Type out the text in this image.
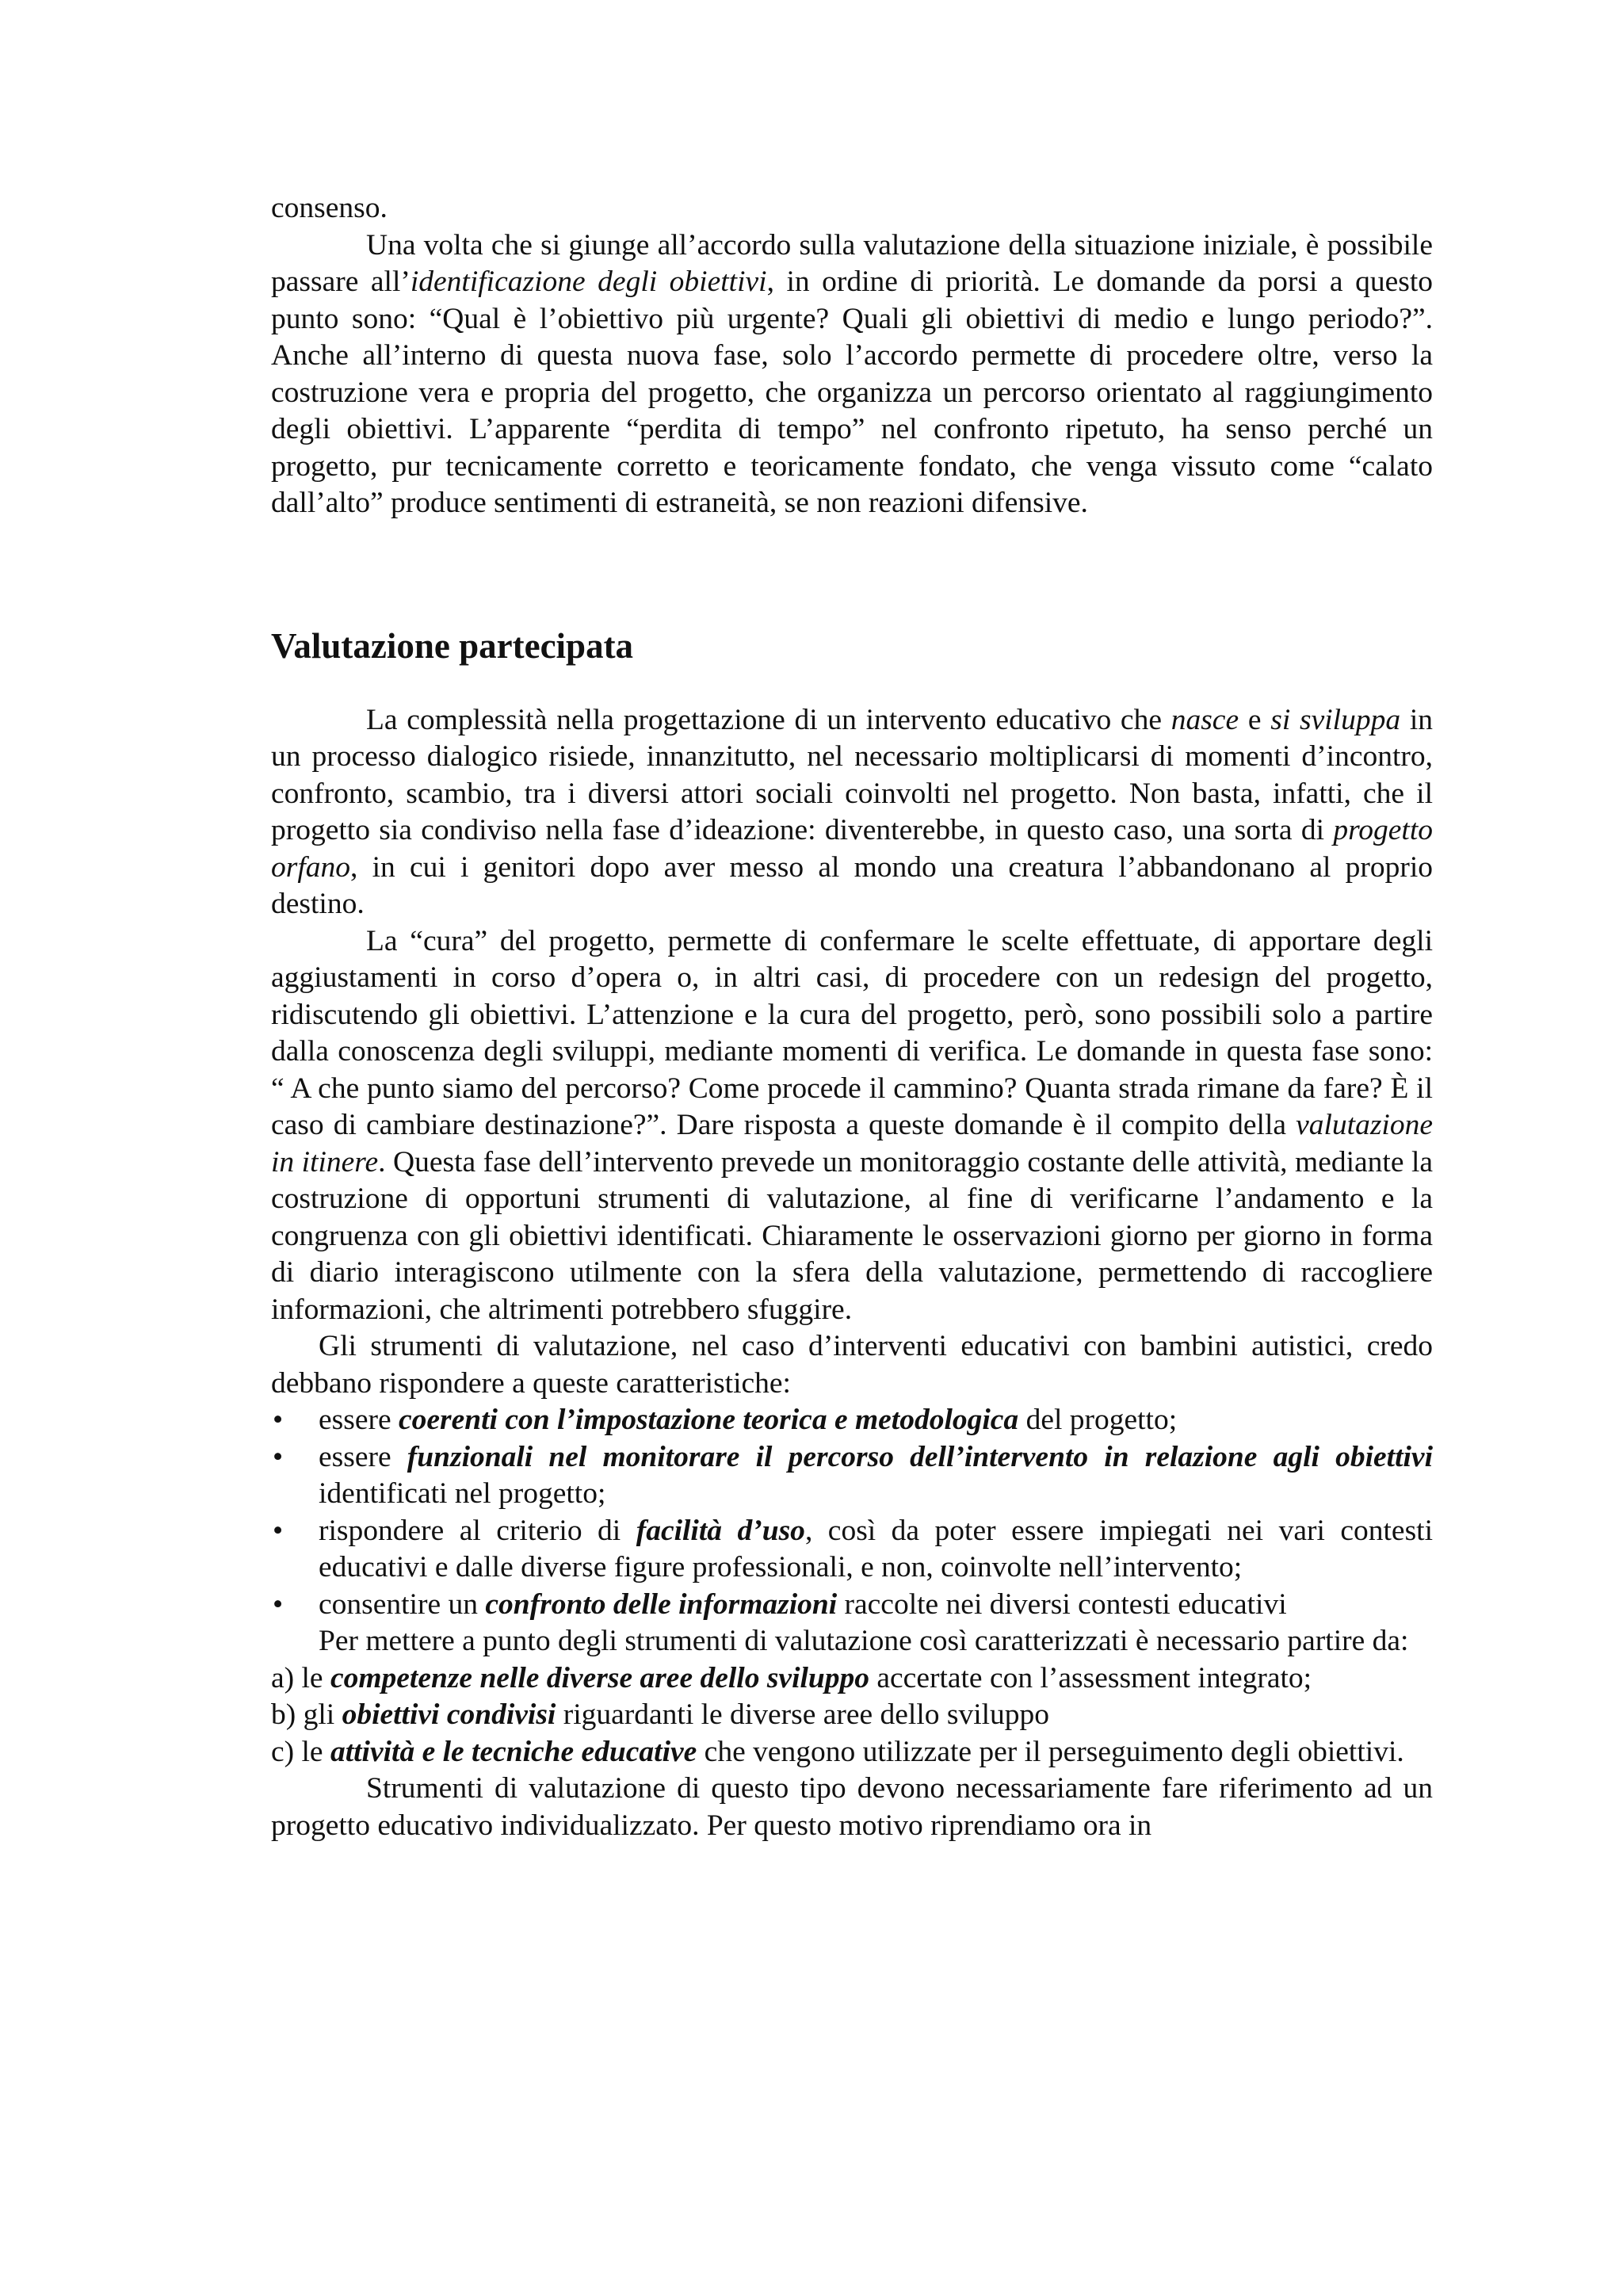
consenso.

Una volta che si giunge all’accordo sulla valutazione della situazione iniziale, è possibile passare all’identificazione degli obiettivi, in ordine di priorità. Le domande da porsi a questo punto sono: “Qual è l’obiettivo più urgente? Quali gli obiettivi di medio e lungo periodo?”. Anche all’interno di questa nuova fase, solo l’accordo permette di procedere oltre, verso la costruzione vera e propria del progetto, che organizza un percorso orientato al raggiungimento degli obiettivi. L’apparente “perdita di tempo” nel confronto ripetuto, ha senso perché un progetto, pur tecnicamente corretto e teoricamente fondato, che venga vissuto come “calato dall’alto” produce sentimenti di estraneità, se non reazioni difensive.

Valutazione partecipata

La complessità nella progettazione di un intervento educativo che nasce e si sviluppa in un processo dialogico risiede, innanzitutto, nel necessario moltiplicarsi di momenti d’incontro, confronto, scambio, tra i diversi attori sociali coinvolti nel progetto. Non basta, infatti, che il progetto sia condiviso nella fase d’ideazione: diventerebbe, in questo caso, una sorta di progetto orfano, in cui i genitori dopo aver messo al mondo una creatura l’abbandonano al proprio destino.

La “cura” del progetto, permette di confermare le scelte effettuate, di apportare degli aggiustamenti in corso d’opera o, in altri casi, di procedere con un redesign del progetto, ridiscutendo gli obiettivi. L’attenzione e la cura del progetto, però, sono possibili solo a partire dalla conoscenza degli sviluppi, mediante momenti di verifica. Le domande in questa fase sono: “ A che punto siamo del percorso? Come procede il cammino? Quanta strada rimane da fare? È il caso di cambiare destinazione?”. Dare risposta a queste domande è il compito della valutazione in itinere. Questa fase dell’intervento prevede un monitoraggio costante delle attività, mediante la costruzione di opportuni strumenti di valutazione, al fine di verificarne l’andamento e la congruenza con gli obiettivi identificati. Chiaramente le osservazioni giorno per giorno in forma di diario interagiscono utilmente con la sfera della valutazione, permettendo di raccogliere informazioni, che altrimenti potrebbero sfuggire.

Gli strumenti di valutazione, nel caso d’interventi educativi con bambini autistici, credo debbano rispondere a queste caratteristiche:

• essere coerenti con l’impostazione teorica e metodologica del progetto;
• essere funzionali nel monitorare il percorso dell’intervento in relazione agli obiettivi identificati nel progetto;
• rispondere al criterio di facilità d’uso, così da poter essere impiegati nei vari contesti educativi e dalle diverse figure professionali, e non, coinvolte nell’intervento;
• consentire un confronto delle informazioni raccolte nei diversi contesti educativi

Per mettere a punto degli strumenti di valutazione così caratterizzati è necessario partire da:

a) le competenze nelle diverse aree dello sviluppo accertate con l’assessment integrato;

b) gli obiettivi condivisi riguardanti le diverse aree dello sviluppo

c) le attività e le tecniche educative che vengono utilizzate per il perseguimento degli obiettivi.

Strumenti di valutazione di questo tipo devono necessariamente fare riferimento ad un progetto educativo individualizzato. Per questo motivo riprendiamo ora in
